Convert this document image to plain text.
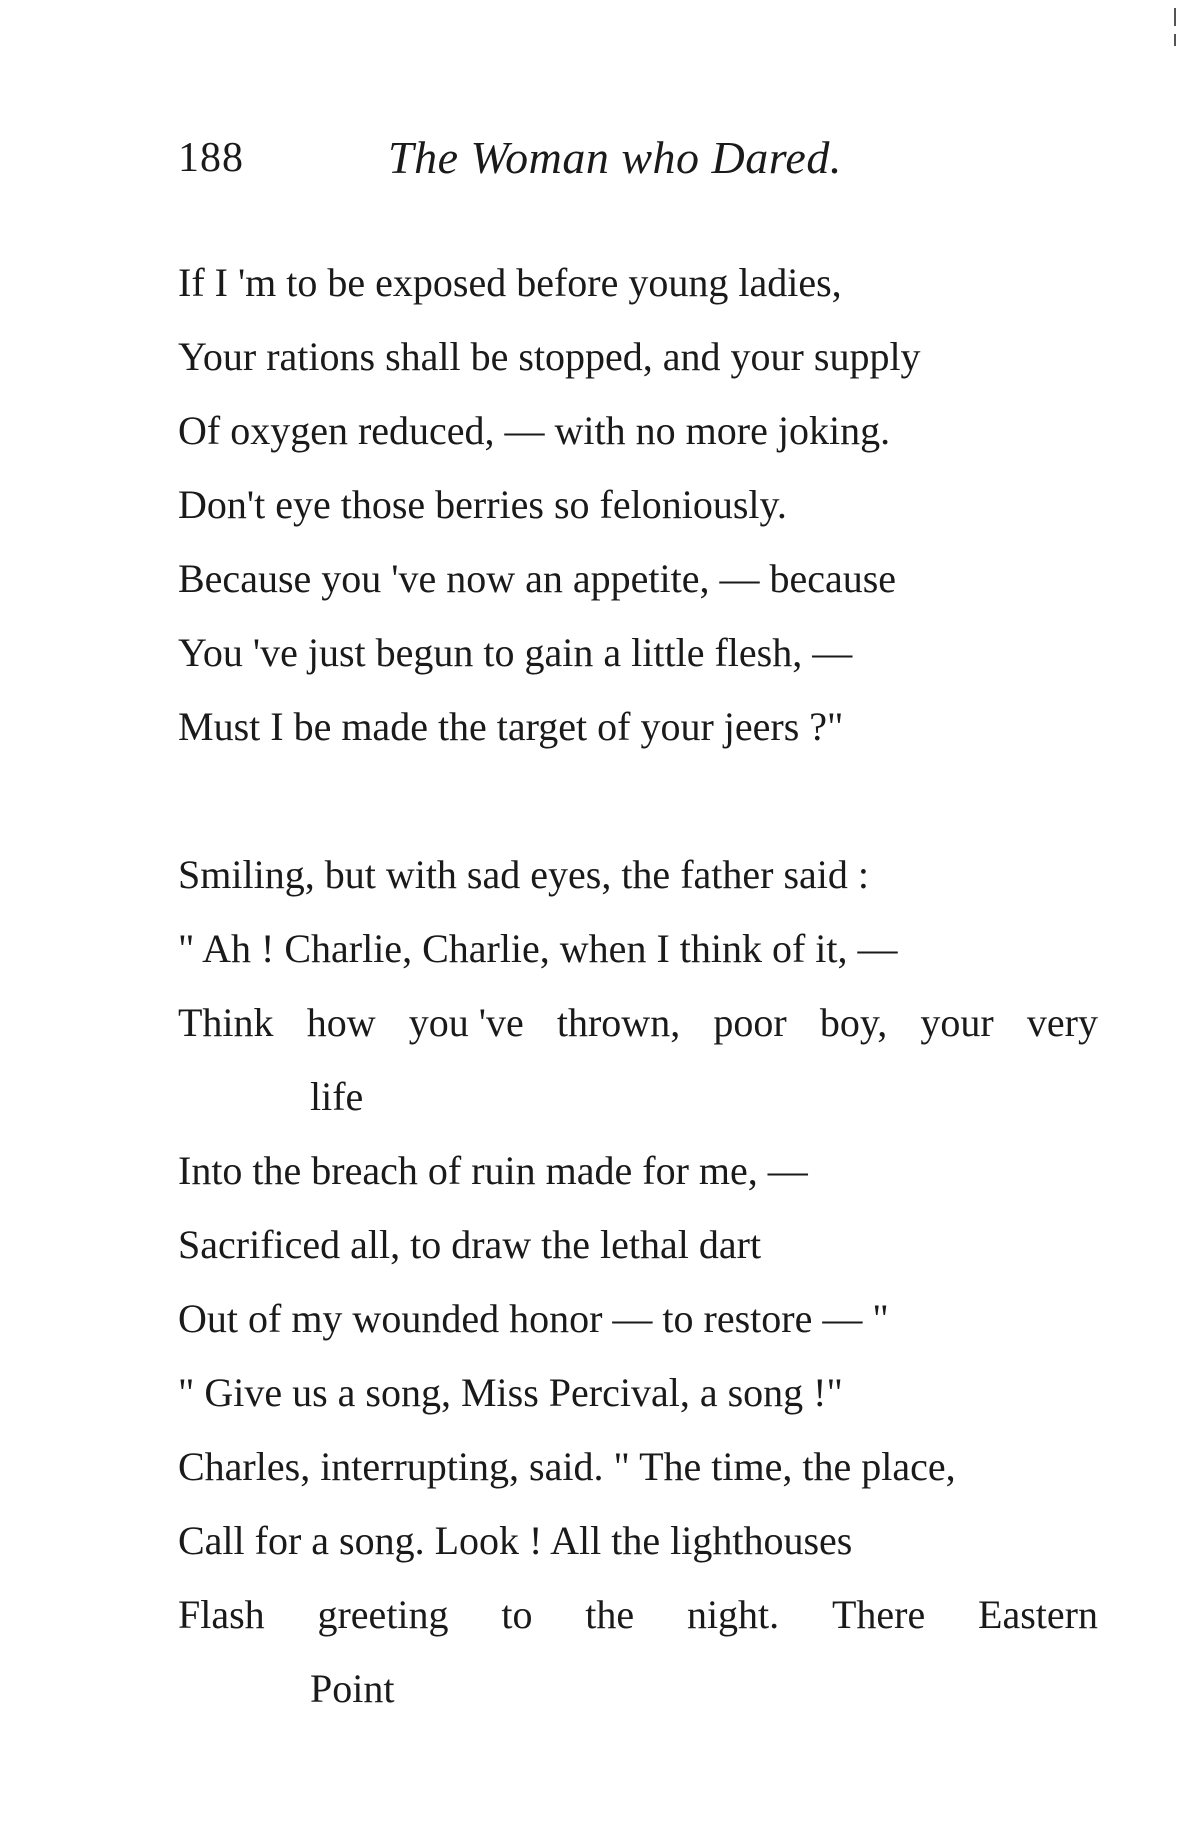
188	The Woman who Dared.
If I 'm to be exposed before young ladies,
Your rations shall be stopped, and your supply
Of oxygen reduced, — with no more joking.
Don't eye those berries so feloniously.
Because you 've now an appetite, — because
You 've just begun to gain a little flesh, —
Must I be made the target of your jeers ?"
Smiling, but with sad eyes, the father said :
" Ah ! Charlie, Charlie, when I think of it, —
Think how you 've thrown, poor boy, your very
life
Into the breach of ruin made for me, —
Sacrificed all, to draw the lethal dart
Out of my wounded honor — to restore — "
" Give us a song, Miss Percival, a song !"
Charles, interrupting, said. " The time, the place,
Call for a song. Look ! All the lighthouses
Flash greeting to the night. There Eastern
Point
